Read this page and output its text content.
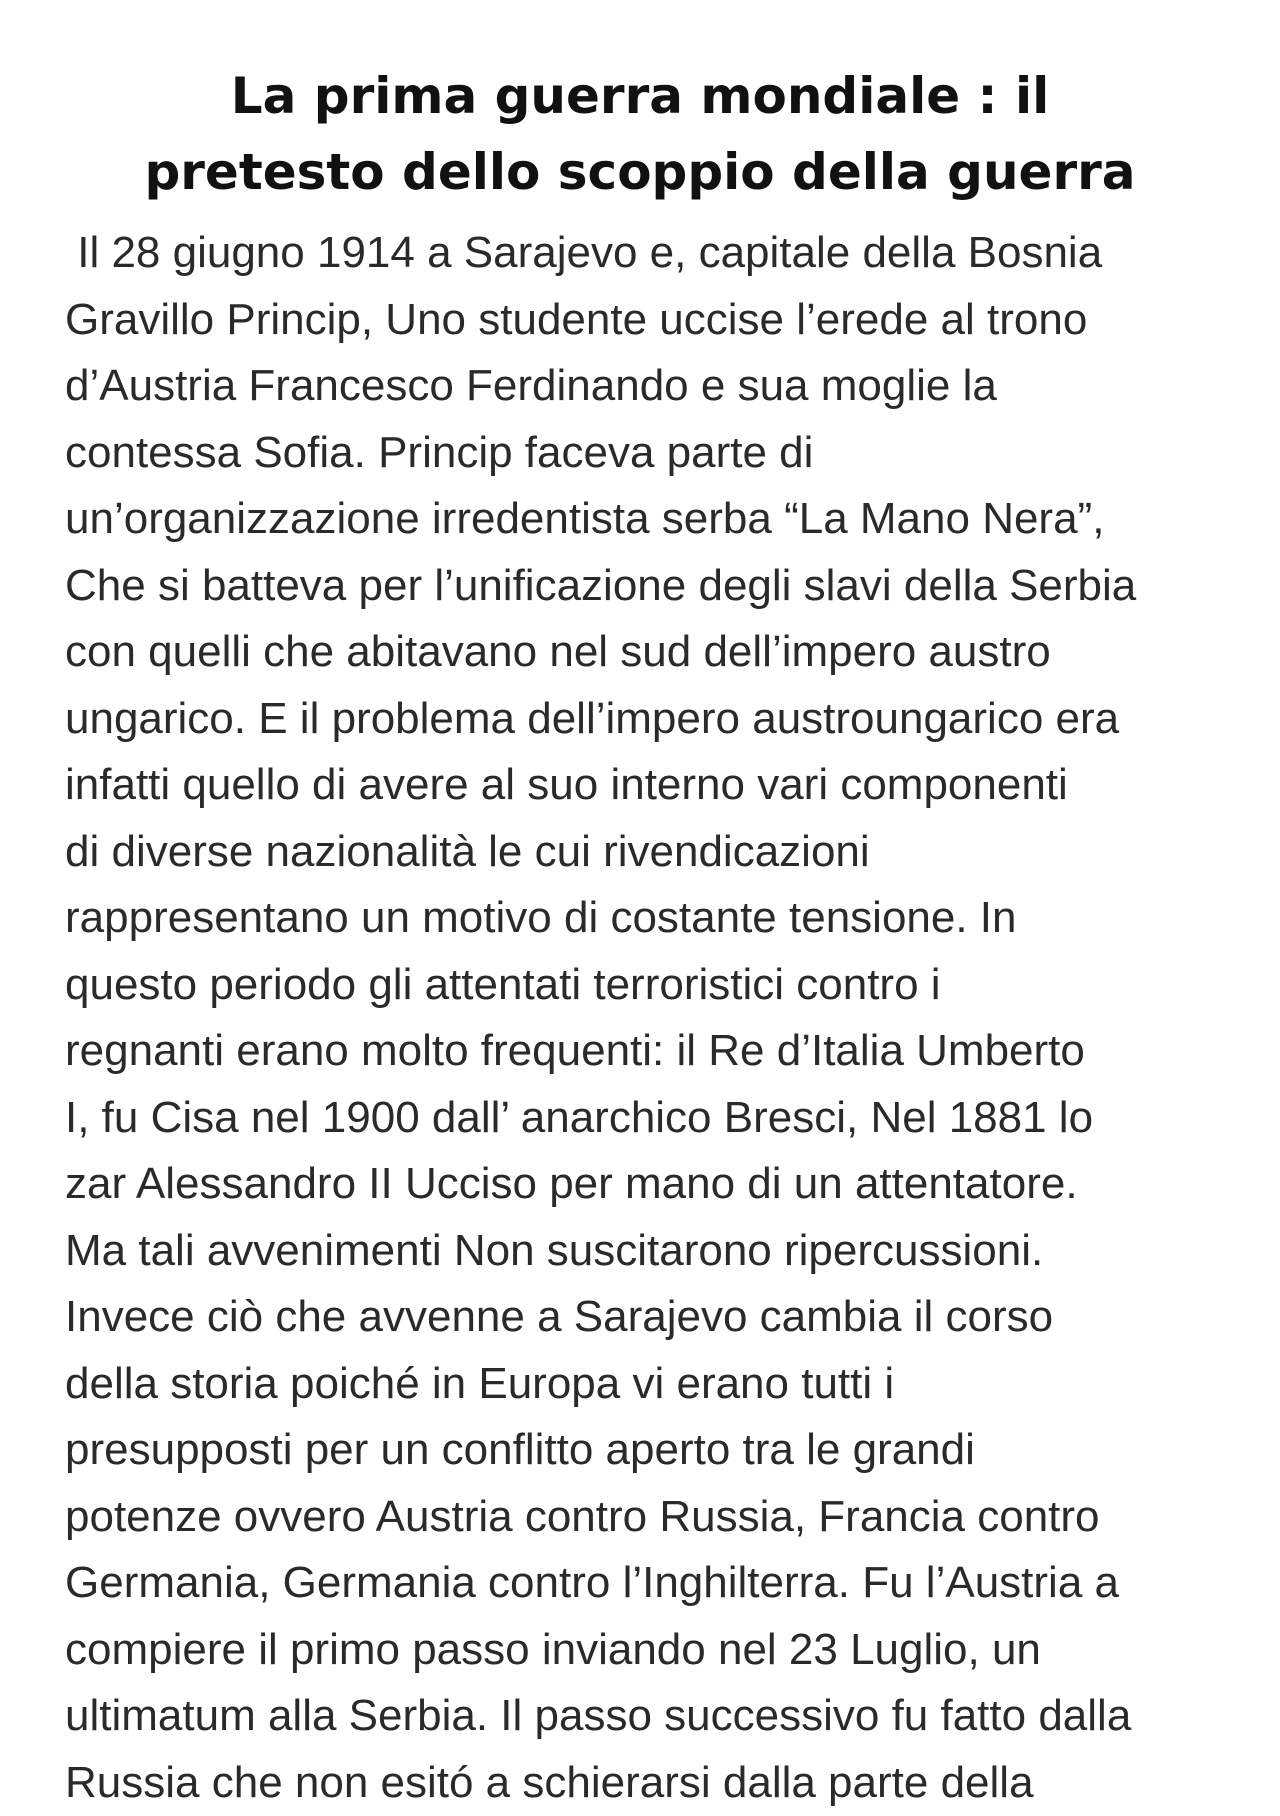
La prima guerra mondiale : il
pretesto dello scoppio della guerra
Il 28 giugno 1914 a Sarajevo e, capitale della Bosnia
Gravillo Princip, Uno studente uccise l’erede al trono
d’Austria Francesco Ferdinando e sua moglie la
contessa Sofia. Princip faceva parte di
un’organizzazione irredentista serba “La Mano Nera”,
Che si batteva per l’unificazione degli slavi della Serbia
con quelli che abitavano nel sud dell’impero austro
ungarico. E il problema dell’impero austroungarico era
infatti quello di avere al suo interno vari componenti
di diverse nazionalità le cui rivendicazioni
rappresentano un motivo di costante tensione. In
questo periodo gli attentati terroristici contro i
regnanti erano molto frequenti: il Re d’Italia Umberto
I, fu Cisa nel 1900 dall’ anarchico Bresci, Nel 1881 lo
zar Alessandro II Ucciso per mano di un attentatore.
Ma tali avvenimenti Non suscitarono ripercussioni.
Invece ciò che avvenne a Sarajevo cambia il corso
della storia poiché in Europa vi erano tutti i
presupposti per un conflitto aperto tra le grandi
potenze ovvero Austria contro Russia, Francia contro
Germania, Germania contro l’Inghilterra. Fu l’Austria a
compiere il primo passo inviando nel 23 Luglio, un
ultimatum alla Serbia. Il passo successivo fu fatto dalla
Russia che non esitó a schierarsi dalla parte della
